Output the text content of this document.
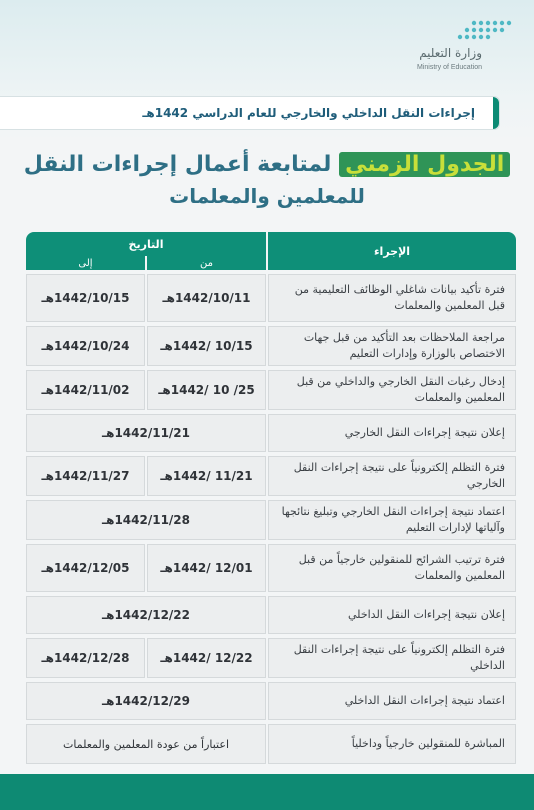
وزارة التعليم
Ministry of Education
إجراءات النقل الداخلي والخارجي للعام الدراسي 1442هـ
الجدول الزمني لمتابعة أعمال إجراءات النقل
للمعلمين والمعلمات
الإجراء
التاريخ
من
إلى
فترة تأكيد بيانات شاغلي الوظائف التعليمية من قبل المعلمين والمعلمات
1442/10/11هـ
1442/10/15هـ
مراجعة الملاحظات بعد التأكيد من قبل جهات الاختصاص بالوزارة وإدارات التعليم
10/15 /1442هـ
1442/10/24هـ
إدخال رغبات النقل الخارجي والداخلي من قبل المعلمين والمعلمات
25/ 10 /1442هـ
1442/11/02هـ
إعلان نتيجة إجراءات النقل الخارجي
1442/11/21هـ
فترة التظلم إلكترونياً على نتيجة إجراءات النقل الخارجي
11/21 /1442هـ
1442/11/27هـ
اعتماد نتيجة إجراءات النقل الخارجي وتبليغ نتائجها وآلياتها لإدارات التعليم
1442/11/28هـ
فترة ترتيب الشرائح للمنقولين خارجياً من قبل المعلمين والمعلمات
12/01 /1442هـ
1442/12/05هـ
إعلان نتيجة إجراءات النقل الداخلي
1442/12/22هـ
فترة التظلم إلكترونياً على نتيجة إجراءات النقل الداخلي
12/22 /1442هـ
1442/12/28هـ
اعتماد نتيجة إجراءات النقل الداخلي
1442/12/29هـ
المباشرة للمنقولين خارجياً وداخلياً
اعتباراً من عودة المعلمين والمعلمات
